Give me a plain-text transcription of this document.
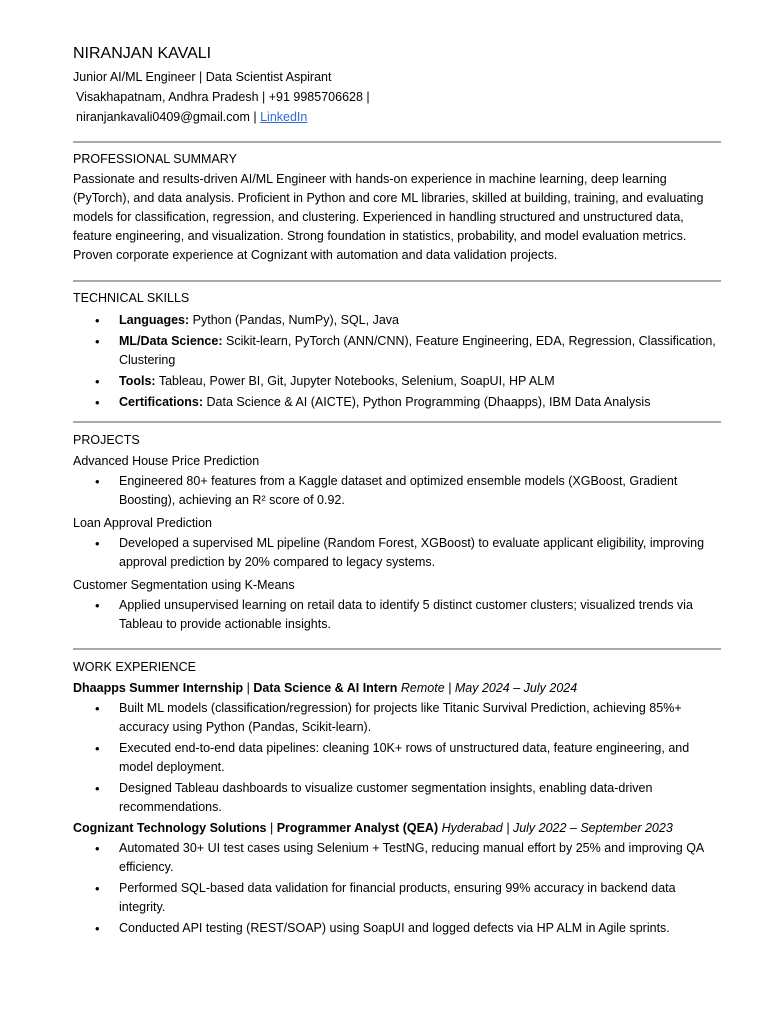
NIRANJAN KAVALI
Junior AI/ML Engineer | Data Scientist Aspirant
Visakhapatnam, Andhra Pradesh | +91 9985706628 |
niranjankavali0409@gmail.com | LinkedIn
PROFESSIONAL SUMMARY
Passionate and results-driven AI/ML Engineer with hands-on experience in machine learning, deep learning (PyTorch), and data analysis. Proficient in Python and core ML libraries, skilled at building, training, and evaluating models for classification, regression, and clustering. Experienced in handling structured and unstructured data, feature engineering, and visualization. Strong foundation in statistics, probability, and model evaluation metrics. Proven corporate experience at Cognizant with automation and data validation projects.
TECHNICAL SKILLS
• Languages: Python (Pandas, NumPy), SQL, Java
• ML/Data Science: Scikit-learn, PyTorch (ANN/CNN), Feature Engineering, EDA, Regression, Classification, Clustering
• Tools: Tableau, Power BI, Git, Jupyter Notebooks, Selenium, SoapUI, HP ALM
• Certifications: Data Science & AI (AICTE), Python Programming (Dhaapps), IBM Data Analysis
PROJECTS
Advanced House Price Prediction
• Engineered 80+ features from a Kaggle dataset and optimized ensemble models (XGBoost, Gradient Boosting), achieving an R² score of 0.92.
Loan Approval Prediction
• Developed a supervised ML pipeline (Random Forest, XGBoost) to evaluate applicant eligibility, improving approval prediction by 20% compared to legacy systems.
Customer Segmentation using K-Means
• Applied unsupervised learning on retail data to identify 5 distinct customer clusters; visualized trends via Tableau to provide actionable insights.
WORK EXPERIENCE
Dhaapps Summer Internship | Data Science & AI Intern Remote | May 2024 – July 2024
• Built ML models (classification/regression) for projects like Titanic Survival Prediction, achieving 85%+ accuracy using Python (Pandas, Scikit-learn).
• Executed end-to-end data pipelines: cleaning 10K+ rows of unstructured data, feature engineering, and model deployment.
• Designed Tableau dashboards to visualize customer segmentation insights, enabling data-driven recommendations.
Cognizant Technology Solutions | Programmer Analyst (QEA) Hyderabad | July 2022 – September 2023
• Automated 30+ UI test cases using Selenium + TestNG, reducing manual effort by 25% and improving QA efficiency.
• Performed SQL-based data validation for financial products, ensuring 99% accuracy in backend data integrity.
• Conducted API testing (REST/SOAP) using SoapUI and logged defects via HP ALM in Agile sprints.
